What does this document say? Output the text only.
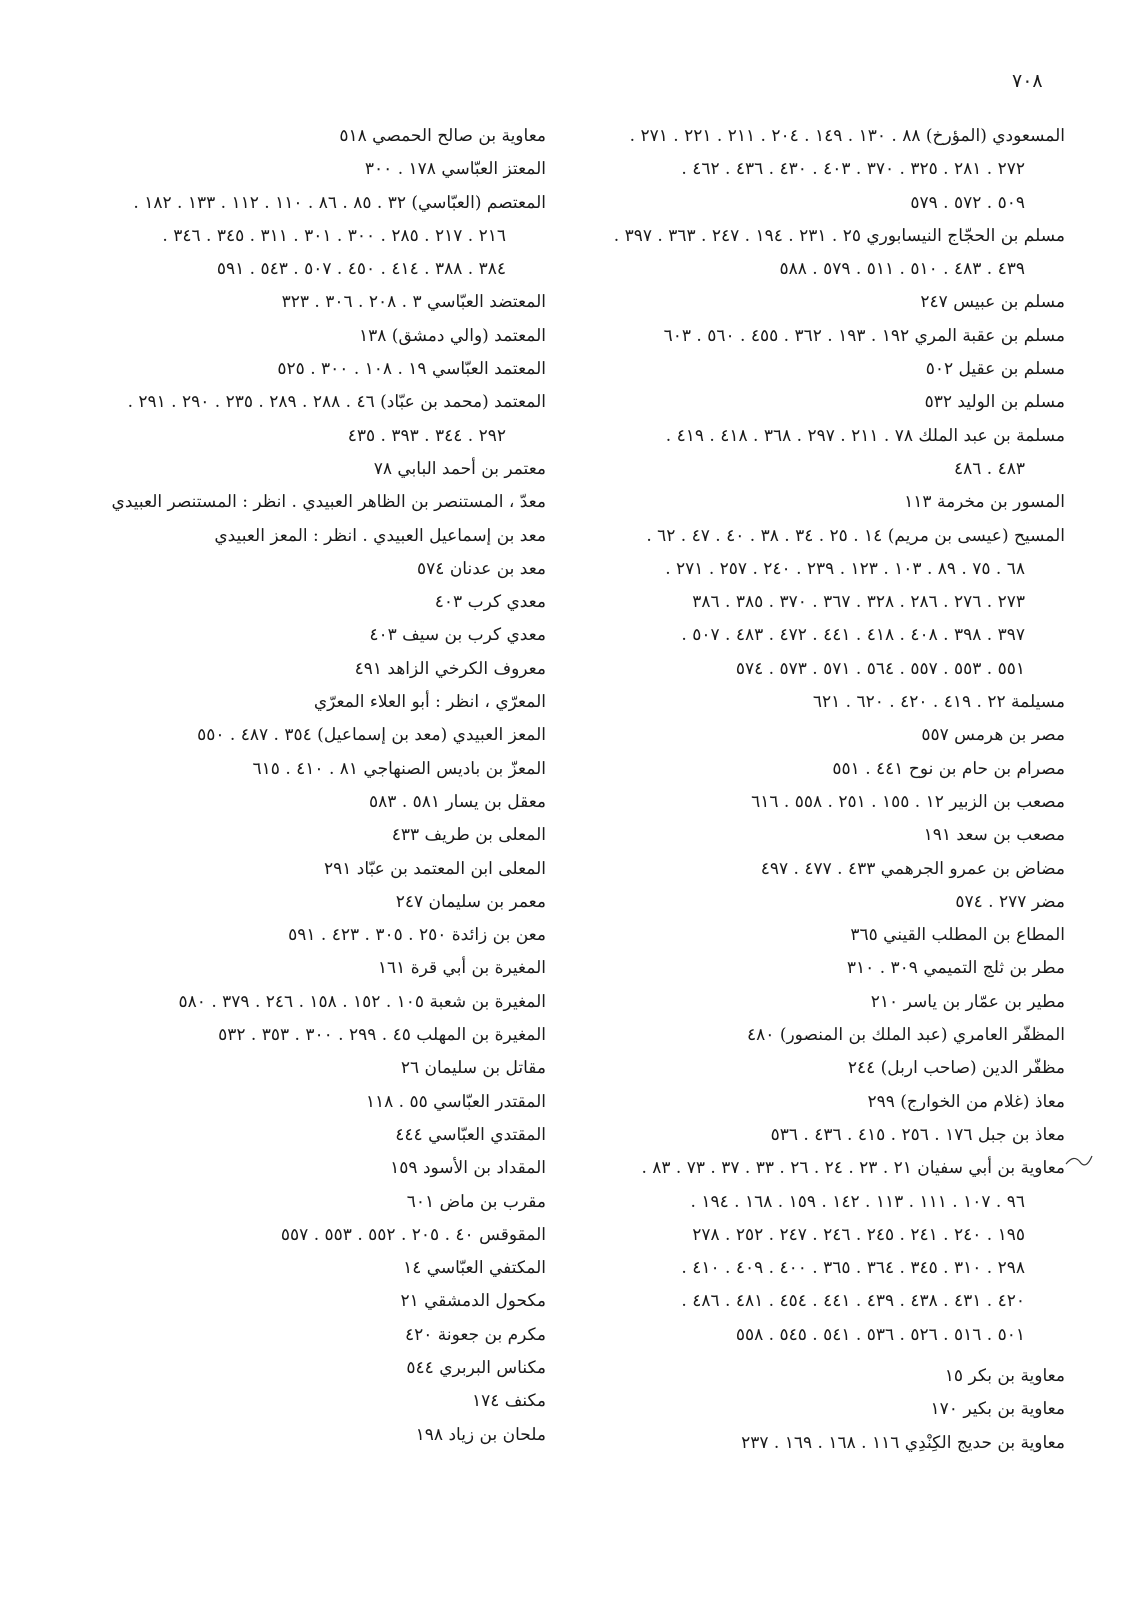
٧٠٨
المسعودي (المؤرخ) ٨٨ . ١٣٠ . ١٤٩ . ٢٠٤ . ٢١١ . ٢٢١ . ٢٧١ .
٢٧٢ . ٢٨١ . ٣٢٥ . ٣٧٠ . ٤٠٣ . ٤٣٠ . ٤٣٦ . ٤٦٢ .
٥٠٩ . ٥٧٢ . ٥٧٩
مسلم بن الحجّاج النيسابوري ٢٥ . ٢٣١ . ١٩٤ . ٢٤٧ . ٣٦٣ . ٣٩٧ .
٤٣٩ . ٤٨٣ . ٥١٠ . ٥١١ . ٥٧٩ . ٥٨٨
مسلم بن عبيس ٢٤٧
مسلم بن عقبة المري ١٩٢ . ١٩٣ . ٣٦٢ . ٤٥٥ . ٥٦٠ . ٦٠٣
مسلم بن عقيل ٥٠٢
مسلم بن الوليد ٥٣٢
مسلمة بن عبد الملك ٧٨ . ٢١١ . ٢٩٧ . ٣٦٨ . ٤١٨ . ٤١٩ .
٤٨٣ . ٤٨٦
المسور بن مخرمة ١١٣
المسيح (عيسى بن مريم) ١٤ . ٢٥ . ٣٤ . ٣٨ . ٤٠ . ٤٧ . ٦٢ .
٦٨ . ٧٥ . ٨٩ . ١٠٣ . ١٢٣ . ٢٣٩ . ٢٤٠ . ٢٥٧ . ٢٧١ .
٢٧٣ . ٢٧٦ . ٢٨٦ . ٣٢٨ . ٣٦٧ . ٣٧٠ . ٣٨٥ . ٣٨٦
٣٩٧ . ٣٩٨ . ٤٠٨ . ٤١٨ . ٤٤١ . ٤٧٢ . ٤٨٣ . ٥٠٧ .
٥٥١ . ٥٥٣ . ٥٥٧ . ٥٦٤ . ٥٧١ . ٥٧٣ . ٥٧٤
مسيلمة ٢٢ . ٤١٩ . ٤٢٠ . ٦٢٠ . ٦٢١
مصر بن هرمس ٥٥٧
مصرام بن حام بن نوح ٤٤١ . ٥٥١
مصعب بن الزبير ١٢ . ١٥٥ . ٢٥١ . ٥٥٨ . ٦١٦
مصعب بن سعد ١٩١
مضاض بن عمرو الجرهمي ٤٣٣ . ٤٧٧ . ٤٩٧
مضر ٢٧٧ . ٥٧٤
المطاع بن المطلب القيني ٣٦٥
مطر بن ثلج التميمي ٣٠٩ . ٣١٠
مطير بن عمّار بن ياسر ٢١٠
المظفّر العامري (عبد الملك بن المنصور) ٤٨٠
مظفّر الدين (صاحب اربل) ٢٤٤
معاذ (غلام من الخوارج) ٢٩٩
معاذ بن جبل ١٧٦ . ٢٥٦ . ٤١٥ . ٤٣٦ . ٥٣٦
معاوية بن أبي سفيان ٢١ . ٢٣ . ٢٤ . ٢٦ . ٣٣ . ٣٧ . ٧٣ . ٨٣ .
٩٦ . ١٠٧ . ١١١ . ١١٣ . ١٤٢ . ١٥٩ . ١٦٨ . ١٩٤ .
١٩٥ . ٢٤٠ . ٢٤١ . ٢٤٥ . ٢٤٦ . ٢٤٧ . ٢٥٢ . ٢٧٨
٢٩٨ . ٣١٠ . ٣٤٥ . ٣٦٤ . ٣٦٥ . ٤٠٠ . ٤٠٩ . ٤١٠ .
٤٢٠ . ٤٣١ . ٤٣٨ . ٤٣٩ . ٤٤١ . ٤٥٤ . ٤٨١ . ٤٨٦ .
٥٠١ . ٥١٦ . ٥٢٦ . ٥٣٦ . ٥٤١ . ٥٤٥ . ٥٥٨
معاوية بن بكر ١٥
معاوية بن بكير ١٧٠
معاوية بن حديج الكِنْدِي ١١٦ . ١٦٨ . ١٦٩ . ٢٣٧
معاوية بن صالح الحمصي ٥١٨
المعتز العبّاسي ١٧٨ . ٣٠٠
المعتصم (العبّاسي) ٣٢ . ٨٥ . ٨٦ . ١١٠ . ١١٢ . ١٣٣ . ١٨٢ .
٢١٦ . ٢١٧ . ٢٨٥ . ٣٠٠ . ٣٠١ . ٣١١ . ٣٤٥ . ٣٤٦ .
٣٨٤ . ٣٨٨ . ٤١٤ . ٤٥٠ . ٥٠٧ . ٥٤٣ . ٥٩١
المعتضد العبّاسي ٣ . ٢٠٨ . ٣٠٦ . ٣٢٣
المعتمد (والي دمشق) ١٣٨
المعتمد العبّاسي ١٩ . ١٠٨ . ٣٠٠ . ٥٢٥
المعتمد (محمد بن عبّاد) ٤٦ . ٢٨٨ . ٢٨٩ . ٢٣٥ . ٢٩٠ . ٢٩١ .
٢٩٢ . ٣٤٤ . ٣٩٣ . ٤٣٥
معتمر بن أحمد البابي ٧٨
معدّ ، المستنصر بن الظاهر العبيدي . انظر : المستنصر العبيدي
معد بن إسماعيل العبيدي . انظر : المعز العبيدي
معد بن عدنان ٥٧٤
معدي كرب ٤٠٣
معدي كرب بن سيف ٤٠٣
معروف الكرخي الزاهد ٤٩١
المعرّي ، انظر : أبو العلاء المعرّي
المعز العبيدي (معد بن إسماعيل) ٣٥٤ . ٤٨٧ . ٥٥٠
المعزّ بن باديس الصنهاجي ٨١ . ٤١٠ . ٦١٥
معقل بن يسار ٥٨١ . ٥٨٣
المعلى بن طريف ٤٣٣
المعلى ابن المعتمد بن عبّاد ٢٩١
معمر بن سليمان ٢٤٧
معن بن زائدة ٢٥٠ . ٣٠٥ . ٤٢٣ . ٥٩١
المغيرة بن أبي قرة ١٦١
المغيرة بن شعبة ١٠٥ . ١٥٢ . ١٥٨ . ٢٤٦ . ٣٧٩ . ٥٨٠
المغيرة بن المهلب ٤٥ . ٢٩٩ . ٣٠٠ . ٣٥٣ . ٥٣٢
مقاتل بن سليمان ٢٦
المقتدر العبّاسي ٥٥ . ١١٨
المقتدي العبّاسي ٤٤٤
المقداد بن الأسود ١٥٩
مقرب بن ماض ٦٠١
المقوقس ٤٠ . ٢٠٥ . ٥٥٢ . ٥٥٣ . ٥٥٧
المكتفي العبّاسي ١٤
مكحول الدمشقي ٢١
مكرم بن جعونة ٤٢٠
مكناس البربري ٥٤٤
مكنف ١٧٤
ملحان بن زياد ١٩٨
